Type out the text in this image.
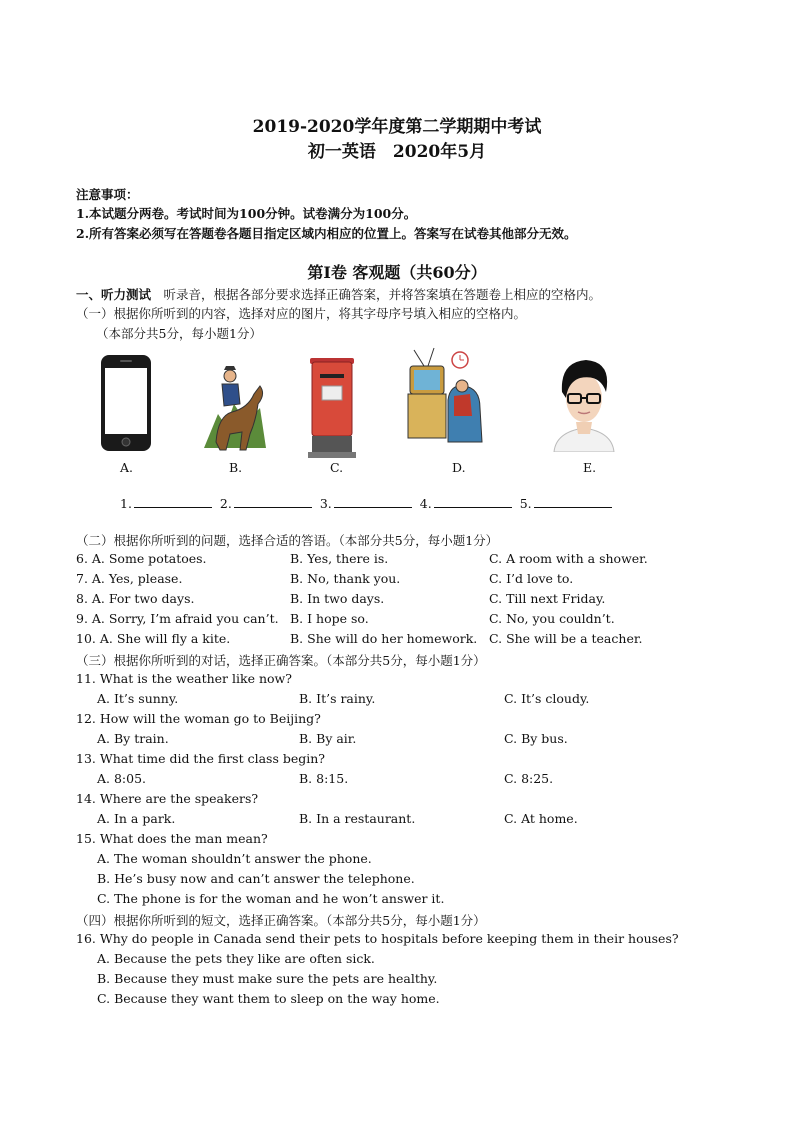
2019-2020学年度第二学期期中考试
初一英语　2020年5月
注意事项：
1.本试题分两卷。考试时间为100分钟。试卷满分为100分。
2.所有答案必须写在答题卷各题目指定区域内相应的位置上。答案写在试卷其他部分无效。
第Ⅰ卷 客观题（共60分）
一、听力测试　听录音，根据各部分要求选择正确答案，并将答案填在答题卷上相应的空格内。
（一）根据你所听到的内容，选择对应的图片，将其字母序号填入相应的空格内。
（本部分共5分，每小题1分）
A.	B.	C.	D.	E.
1.	2.	3.	4.	5.
（二）根据你所听到的问题，选择合适的答语。（本部分共5分，每小题1分）
6. A. Some potatoes.	B. Yes, there is.	C. A room with a shower.
7. A. Yes, please.	B. No, thank you.	C. I’d love to.
8. A. For two days.	B. In two days.	C. Till next Friday.
9. A. Sorry, I’m afraid you can’t. B. I hope so.	C. No, you couldn’t.
10. A. She will fly a kite.	B. She will do her homework. C. She will be a teacher.
（三）根据你所听到的对话，选择正确答案。（本部分共5分，每小题1分）
11. What is the weather like now?
A. It’s sunny.	B. It’s rainy.	C. It’s cloudy.
12. How will the woman go to Beijing?
A. By train.	B. By air.	C. By bus.
13. What time did the first class begin?
A. 8:05.	B. 8:15.	C. 8:25.
14. Where are the speakers?
A. In a park.	B. In a restaurant.	C. At home.
15. What does the man mean?
A. The woman shouldn’t answer the phone.
B. He’s busy now and can’t answer the telephone.
C. The phone is for the woman and he won’t answer it.
（四）根据你所听到的短文，选择正确答案。（本部分共5分，每小题1分）
16. Why do people in Canada send their pets to hospitals before keeping them in their houses?
A. Because the pets they like are often sick.
B. Because they must make sure the pets are healthy.
C. Because they want them to sleep on the way home.
